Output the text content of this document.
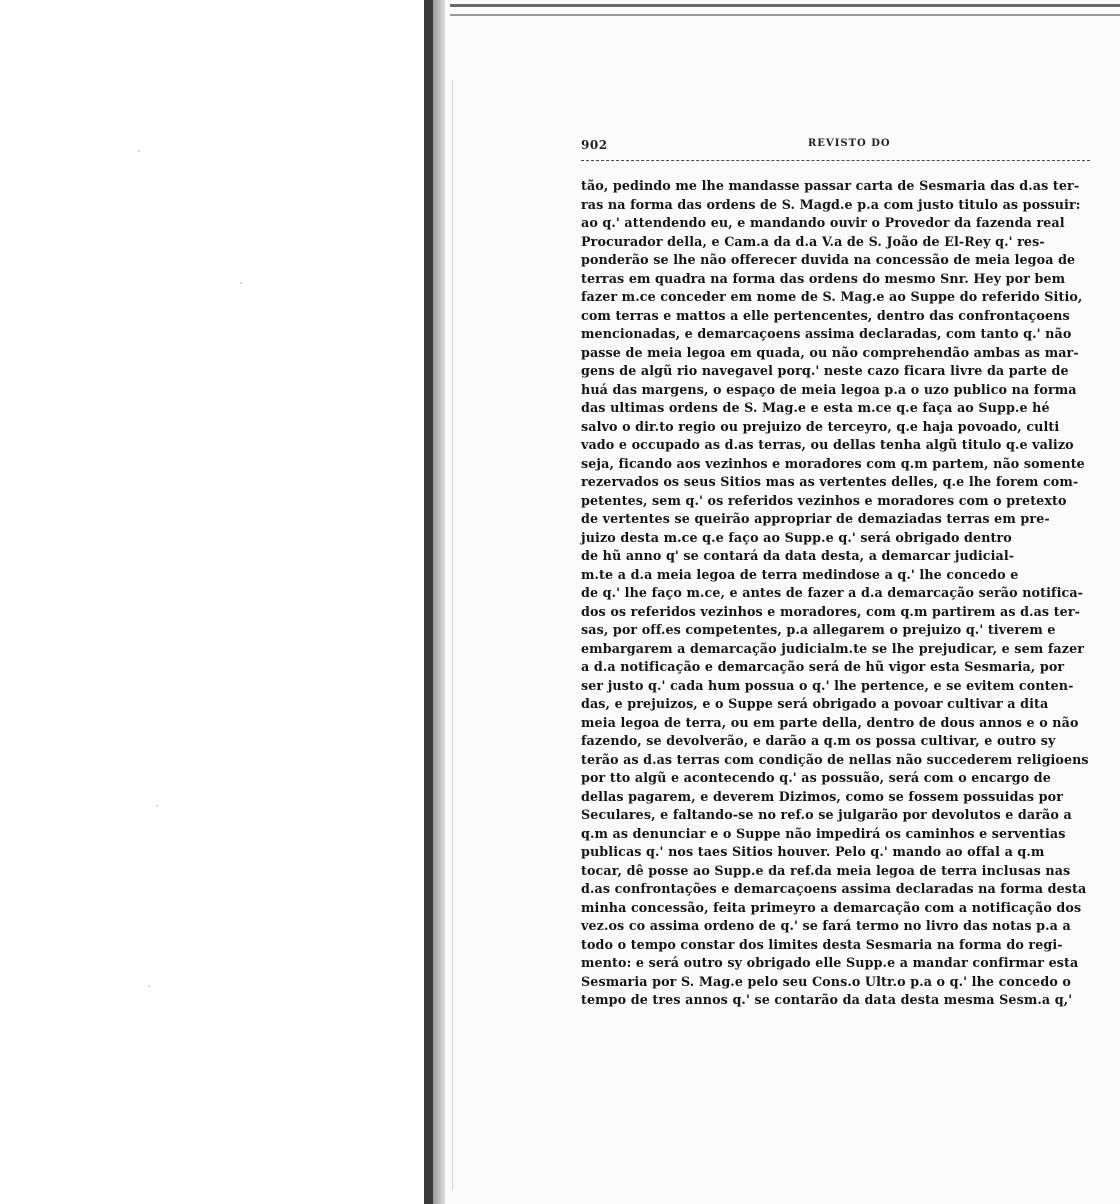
902	REVISTO DO
tão, pedindo me lhe mandasse passar carta de Sesmaria das d.as ter-
ras na forma das ordens de S. Magd.e p.a com justo titulo as possuir:
ao q.' attendendo eu, e mandando ouvir o Provedor da fazenda real
Procurador della, e Cam.a da d.a V.a de S. João de El-Rey q.' res-
ponderão se lhe não offerecer duvida na concessão de meia legoa de
terras em quadra na forma das ordens do mesmo Snr. Hey por bem
fazer m.ce conceder em nome de S. Mag.e ao Suppe do referido Sitio,
com terras e mattos a elle pertencentes, dentro das confrontaçoens
mencionadas, e demarcaçoens assima declaradas, com tanto q.' não
passe de meia legoa em quada, ou não comprehendão ambas as mar-
gens de algũ rio navegavel porq.' neste cazo ficara livre da parte de
huá das margens, o espaço de meia legoa p.a o uzo publico na forma
das ultimas ordens de S. Mag.e e esta m.ce q.e faça ao Supp.e hé
salvo o dir.to regio ou prejuizo de terceyro, q.e haja povoado, culti
vado e occupado as d.as terras, ou dellas tenha algũ titulo q.e valizo
seja, ficando aos vezinhos e moradores com q.m partem, não somente
rezervados os seus Sitios mas as vertentes delles, q.e lhe forem com-
petentes, sem q.' os referidos vezinhos e moradores com o pretexto
de vertentes se queirão appropriar de demaziadas terras em pre-
juizo desta m.ce q.e faço ao Supp.e q.' será obrigado dentro
de hũ anno q' se contará da data desta, a demarcar judicial-
m.te a d.a meia legoa de terra medindose a q.' lhe concedo e
de q.' lhe faço m.ce, e antes de fazer a d.a demarcação serão notifica-
dos os referidos vezinhos e moradores, com q.m partirem as d.as ter-
sas, por off.es competentes, p.a allegarem o prejuizo q.' tiverem e
embargarem a demarcação judicialm.te se lhe prejudicar, e sem fazer
a d.a notificação e demarcação será de hũ vigor esta Sesmaria, por
ser justo q.' cada hum possua o q.' lhe pertence, e se evitem conten-
das, e prejuizos, e o Suppe será obrigado a povoar cultivar a dita
meia legoa de terra, ou em parte della, dentro de dous annos e o não
fazendo, se devolverão, e darão a q.m os possa cultivar, e outro sy
terão as d.as terras com condição de nellas não succederem religioens
por tto algũ e acontecendo q.' as possuão, será com o encargo de
dellas pagarem, e deverem Dizimos, como se fossem possuidas por
Seculares, e faltando-se no ref.o se julgarão por devolutos e darão a
q.m as denunciar e o Suppe não impedirá os caminhos e serventias
publicas q.' nos taes Sitios houver. Pelo q.' mando ao offal a q.m
tocar, dê posse ao Supp.e da ref.da meia legoa de terra inclusas nas
d.as confrontações e demarcaçoens assima declaradas na forma desta
minha concessão, feita primeyro a demarcação com a notificação dos
vez.os co assima ordeno de q.' se fará termo no livro das notas p.a a
todo o tempo constar dos limites desta Sesmaria na forma do regi-
mento: e será outro sy obrigado elle Supp.e a mandar confirmar esta
Sesmaria por S. Mag.e pelo seu Cons.o Ultr.o p.a o q.' lhe concedo o
tempo de tres annos q.' se contarão da data desta mesma Sesm.a q,'
